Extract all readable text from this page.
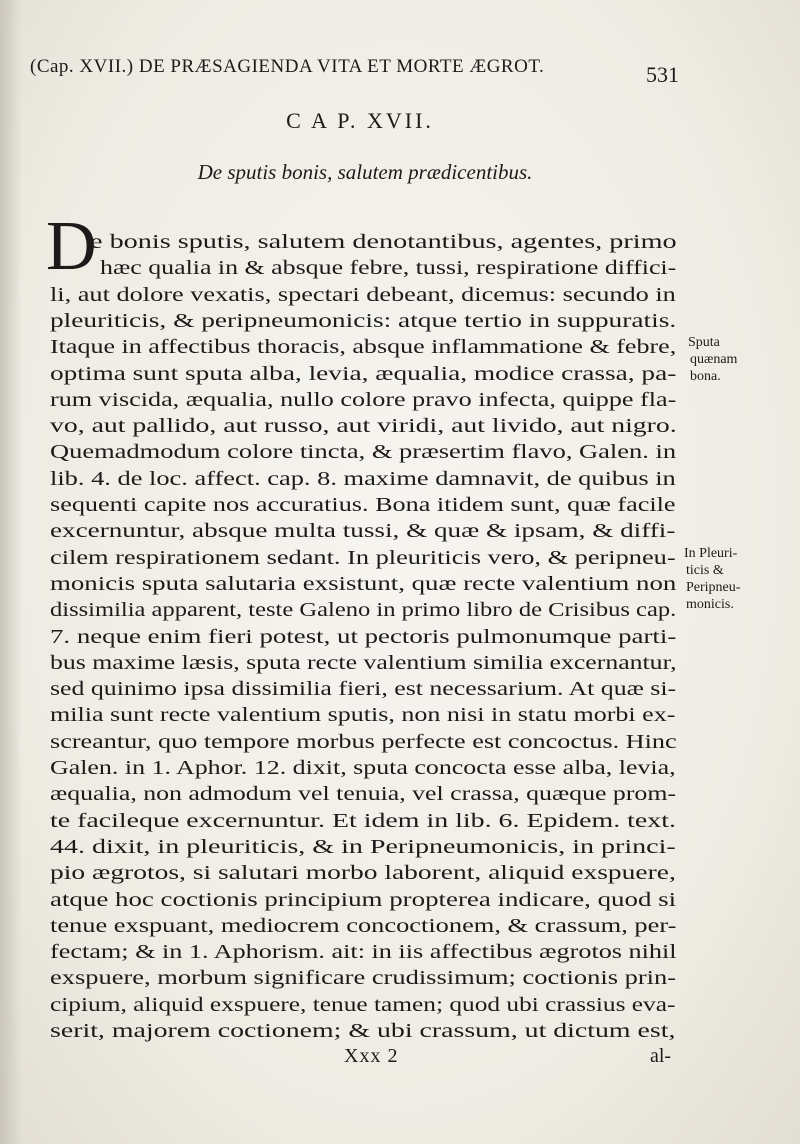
(Cap. XVII.) DE PRÆSAGIENDA VITA ET MORTE ÆGROT.	531
C A P. XVII.
De sputis bonis, salutem prædicentibus.
D
e bonis sputis, salutem denotantibus, agentes, primo
hæc qualia in & absque febre, tussi, respiratione diffici-
li, aut dolore vexatis, spectari debeant, dicemus: secundo in
pleuriticis, & peripneumonicis: atque tertio in suppuratis.
Itaque in affectibus thoracis, absque inflammatione & febre,
optima sunt sputa alba, levia, æqualia, modice crassa, pa-
rum viscida, æqualia, nullo colore pravo infecta, quippe fla-
vo, aut pallido, aut russo, aut viridi, aut livido, aut nigro.
Quemadmodum colore tincta, & præsertim flavo, Galen. in
lib. 4. de loc. affect. cap. 8. maxime damnavit, de quibus in
sequenti capite nos accuratius. Bona itidem sunt, quæ facile
excernuntur, absque multa tussi, & quæ & ipsam, & diffi-
cilem respirationem sedant. In pleuriticis vero, & peripneu-
monicis sputa salutaria exsistunt, quæ recte valentium non
dissimilia apparent, teste Galeno in primo libro de Crisibus cap.
7. neque enim fieri potest, ut pectoris pulmonumque parti-
bus maxime læsis, sputa recte valentium similia excernantur,
sed quinimo ipsa dissimilia fieri, est necessarium. At quæ si-
milia sunt recte valentium sputis, non nisi in statu morbi ex-
screantur, quo tempore morbus perfecte est concoctus. Hinc
Galen. in 1. Aphor. 12. dixit, sputa concocta esse alba, levia,
æqualia, non admodum vel tenuia, vel crassa, quæque prom-
te facileque excernuntur. Et idem in lib. 6. Epidem. text.
44. dixit, in pleuriticis, & in Peripneumonicis, in princi-
pio ægrotos, si salutari morbo laborent, aliquid exspuere,
atque hoc coctionis principium propterea indicare, quod si
tenue exspuant, mediocrem concoctionem, & crassum, per-
fectam; & in 1. Aphorism. ait: in iis affectibus ægrotos nihil
exspuere, morbum significare crudissimum; coctionis prin-
cipium, aliquid exspuere, tenue tamen; quod ubi crassius eva-
serit, majorem coctionem; & ubi crassum, ut dictum est,
Sputa
quænam
bona.
In Pleuri-
ticis &
Peripneu-
monicis.
Xxx 2	al-
